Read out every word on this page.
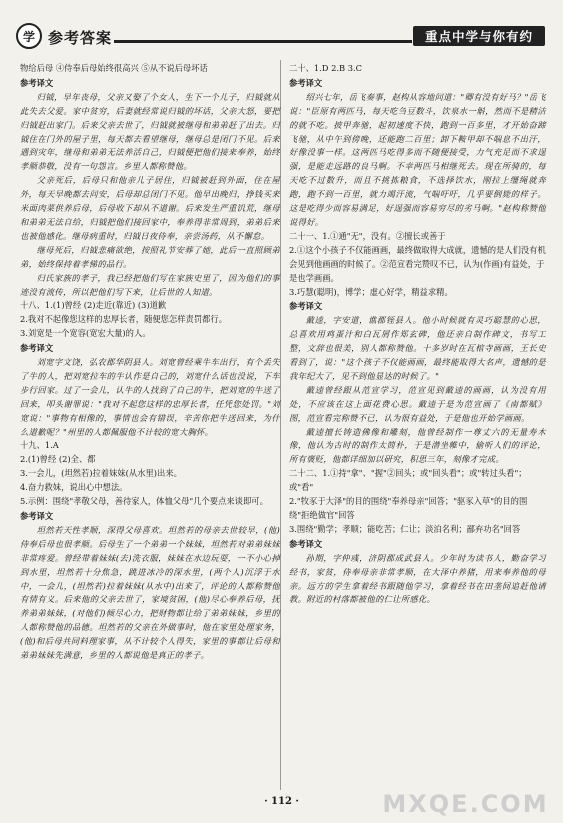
学 参考答案	重点中学与你有约

物给后母 ④侍奉后母始终很高兴 ⑤从不说后母坏话

参考译文

归钺，早年丧母，父亲又娶了个女人，生下一个儿子，归钺就从此失去父爱。家中贫穷，后妻就经常说归钺的坏话，父亲大怒，要把归钺赶出家门。后来父亲去世了，归钺就被继母和弟弟赶了出去。归钺住在门外的屋子里，每天都去看望继母，继母总是闭门不见。后来遇到灾年，继母和弟弟无法养活自己，归钺便把他们接来奉养，始终孝顺恭敬，没有一句怨言。乡里人都称赞他。

父亲死后，后母只和他亲儿子居住，归钺被赶到外面，住在屋外，每天早晚都去问安，后母却总闭门不见。他早出晚归，挣钱买来米面肉菜供养后母，后母收下却从不道谢。后来发生严重饥荒，继母和弟弟无法自给，归钺把他们接回家中，奉养得非常周到，弟弟后来也被他感化。继母病重时，归钺日夜侍奉，亲尝汤药，从不懈怠。

继母死后，归钺悲痛欲绝，按照礼节安葬了她，此后一直照顾弟弟，始终保持着孝悌的品行。

归氏家族的孝子，我已经把他们写在家族史里了，因为他们的事迹没有流传，所以把他们写下来，让后世的人知道。

十八、1.(1)曾经 (2)走近(靠近) (3)道歉

2.我对不起像您这样的忠厚长者，随便您怎样责罚都行。

3.刘宽是一个宽容(宽宏大量)的人。

参考译文

刘宽字文饶，弘农郡华阴县人。刘宽曾经乘牛车出行，有个丢失了牛的人，把刘宽拉车的牛认作是自己的，刘宽什么话也没说，下车步行回家。过了一会儿，认牛的人找到了自己的牛，把刘宽的牛送了回来，叩头谢罪说："我对不起您这样的忠厚长者，任凭您处罚。"刘宽说："事物有相像的，事情也会有错误，辛苦你把牛送回来，为什么道歉呢？"州里的人都佩服他不计较的宽大胸怀。

十九、1.A

2.(1)曾经 (2)全、都

3.一会儿，(坦然若)拉着妹妹(从水里)出来。

4.奋力救妹，说出心中想法。

5.示例：围绕"孝敬父母，善待家人，体恤父母"几个要点来谈即可。

参考译文

坦然若天性孝顺，深得父母喜欢。坦然若的母亲去世较早，(他)侍奉后母也很孝顺。后母生了一个弟弟一个妹妹，坦然若对弟弟妹妹非常疼爱。曾经带着妹妹(去)洗衣服，妹妹在水边玩耍，一不小心掉到水里，坦然若十分焦急，跳进冰冷的深水里，(两个人)沉浮于水中，一会儿，(坦然若)拉着妹妹(从水中)出来了，评论的人都称赞他有情有义。后来他的父亲去世了，家境贫困，(他)尽心奉养后母，抚养弟弟妹妹，(对他们)倾尽心力，把财物都让给了弟弟妹妹，乡里的人都称赞他的品德。坦然若的父亲在外做事时，他在家里处理家务，(他)和后母共同料理家事，从不计较个人得失，家里的事都让后母和弟弟妹妹先满意，乡里的人都说他是真正的孝子。

二十、1.D 2.B 3.C

参考译文

绍兴七年，岳飞奏事，赵构从容地问道："卿有没有好马？"岳飞说："臣原有两匹马，每天吃刍豆数斗，饮泉水一斛，然而不是精洁的就不吃。披甲奔驰，起初速度不快，跑到一百多里，才开始奋蹄飞驰，从中午到傍晚，还能跑二百里；卸下鞍甲却不喘息不出汗，好像没事一样。这两匹马吃得多而不随便接受，力气充足而不求逞强，是能走远路的良马啊。不幸两匹马相继死去。现在所骑的，每天吃不过数升，而且不挑拣粮食，不选择饮水，刚拉上缰绳就奔跑，跑不到一百里，就力竭汗流，气喘吁吁，几乎要倒毙的样子。这是吃得少而容易满足，好逞强而容易穷尽的劣马啊。"赵构称赞他说得好。

二十一、1.①通"无"，没有。②擅长或善于

2.①这个小孩子不仅能画画，最终做取得大成就，遗憾的是人们没有机会见到他画画的时候了。②范宣看完赞叹不已，认为(作画)有益处，于是也学画画。

3.巧慧(聪明)，博学；虚心好学，精益求精。

参考译文

戴逵，字安道，谯郡铚县人。他小时候就有灵巧聪慧的心思，总喜欢用鸡蛋汁和白瓦屑作郑玄碑，他还亲自制作碑文，书写工整，文辞也很美，别人都称赞他。十多岁时在瓦棺寺画画，王长史看到了，说："这个孩子不仅能画画，最终能取得大名声，遗憾的是我年纪大了，见不到他显达的时候了。"

戴逵曾经跟从范宣学习，范宣见到戴逵的画画，认为没有用处，不应该在这上面花费心思。戴逵于是为范宣画了《南都赋》图，范宣看完称赞不已，认为很有益处，于是他也开始学画画。

戴逵擅长铸造佛像和雕刻，他曾经制作一尊丈六的无量寿木像，他认为古时的制作太简朴，于是潜坐帷中，偷听人们的评论，所有褒贬，他都详细加以研究，积思三年，刻像才完成。

二十二、1.①持"拿"、"握"②回头；或"回头看"；或"转过头看"；或"看"

2."牧豕于大泽"的目的围绕"奉养母亲"回答；"驱豕入草"的目的围绕"拒绝做官"回答

3.围绕"勤学；孝顺；能吃苦；仁让；淡泊名利；鄙弃功名"回答

参考译文

孙期，字仲彧，济阴郡成武县人。少年时为读书人，勤奋学习经书，家贫，侍奉母亲非常孝顺，在大泽中养猪，用来奉养他的母亲。远方的学生拿着经书跟随他学习，拿着经书在田垄间追赶他请教。附近的村落都被他的仁让所感化。

· 112 ·	MXQE.COM
